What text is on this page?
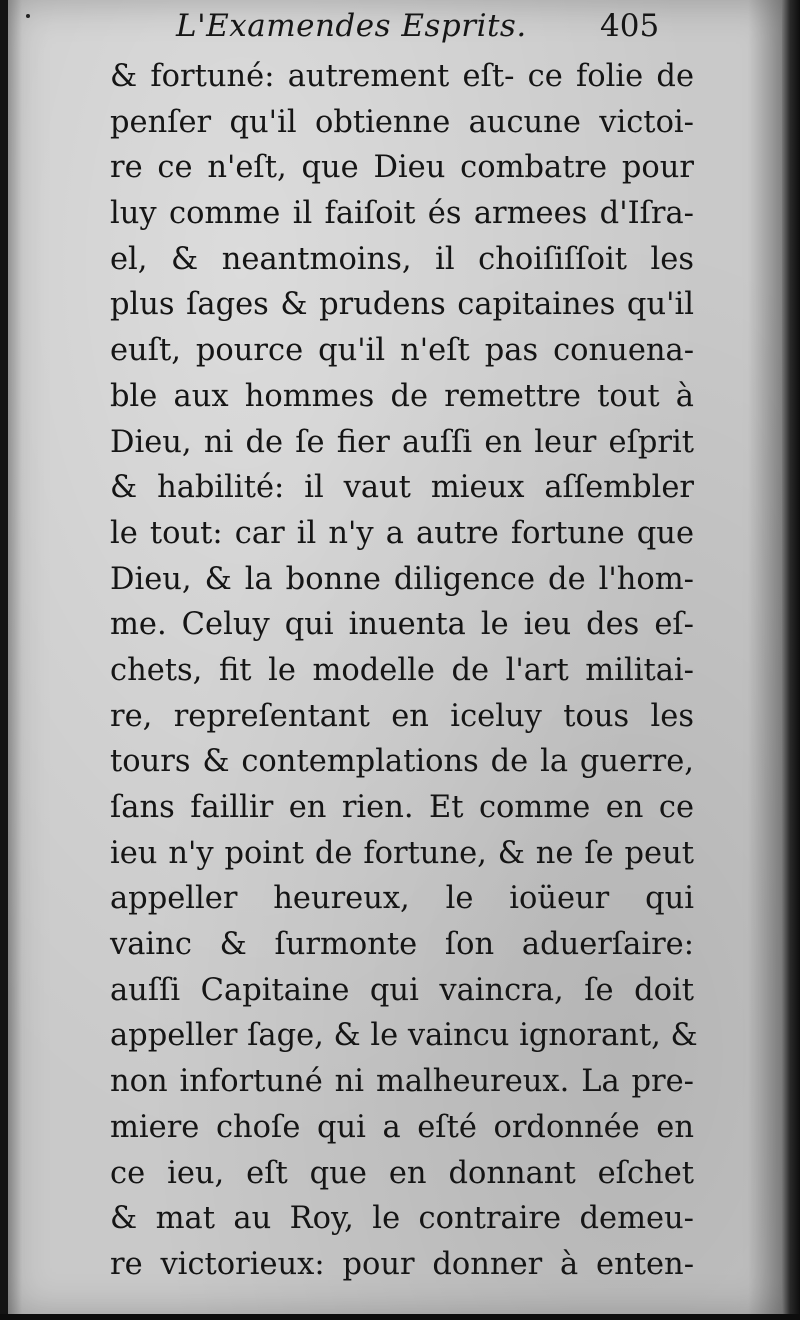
L'Examendes Esprits. 405
& fortuné: autrement eſt- ce folie de
penſer qu'il obtienne aucune victoi-
re ce n'eſt, que Dieu combatre pour
luy comme il faiſoit és armees d'Iſra-
el, & neantmoins, il choiſiſſoit les
plus ſages & prudens capitaines qu'il
euſt, pource qu'il n'eſt pas conuena-
ble aux hommes de remettre tout à
Dieu, ni de ſe fier auſſi en leur eſprit
& habilité: il vaut mieux aſſembler
le tout: car il n'y a autre fortune que
Dieu, & la bonne diligence de l'hom-
me. Celuy qui inuenta le ieu des eſ-
chets, fit le modelle de l'art militai-
re, repreſentant en iceluy tous les
tours & contemplations de la guerre,
ſans faillir en rien. Et comme en ce
ieu n'y point de fortune, & ne ſe peut
appeller heureux, le ioüeur qui
vainc & ſurmonte ſon aduerſaire:
auſſi Capitaine qui vaincra, ſe doit
appeller ſage, & le vaincu ignorant, &
non infortuné ni malheureux. La pre-
miere choſe qui a eſté ordonnée en
ce ieu, eſt que en donnant eſchet
& mat au Roy, le contraire demeu-
re victorieux: pour donner à enten-
